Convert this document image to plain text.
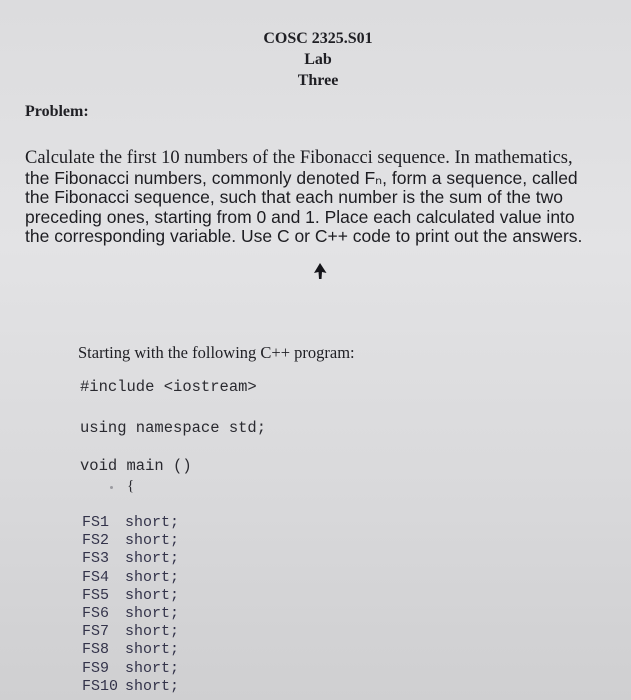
COSC 2325.S01
Lab
Three
Problem:
Calculate the first 10 numbers of the Fibonacci sequence. In mathematics, the Fibonacci numbers, commonly denoted Fₙ, form a sequence, called the Fibonacci sequence, such that each number is the sum of the two preceding ones, starting from 0 and 1. Place each calculated value into the corresponding variable. Use C or C++ code to print out the answers.
Starting with the following C++ program:
#include <iostream>
using namespace std;
void main ()
{
FS1 short;
FS2 short;
FS3 short;
FS4 short;
FS5 short;
FS6 short;
FS7 short;
FS8 short;
FS9 short;
FS10 short;
